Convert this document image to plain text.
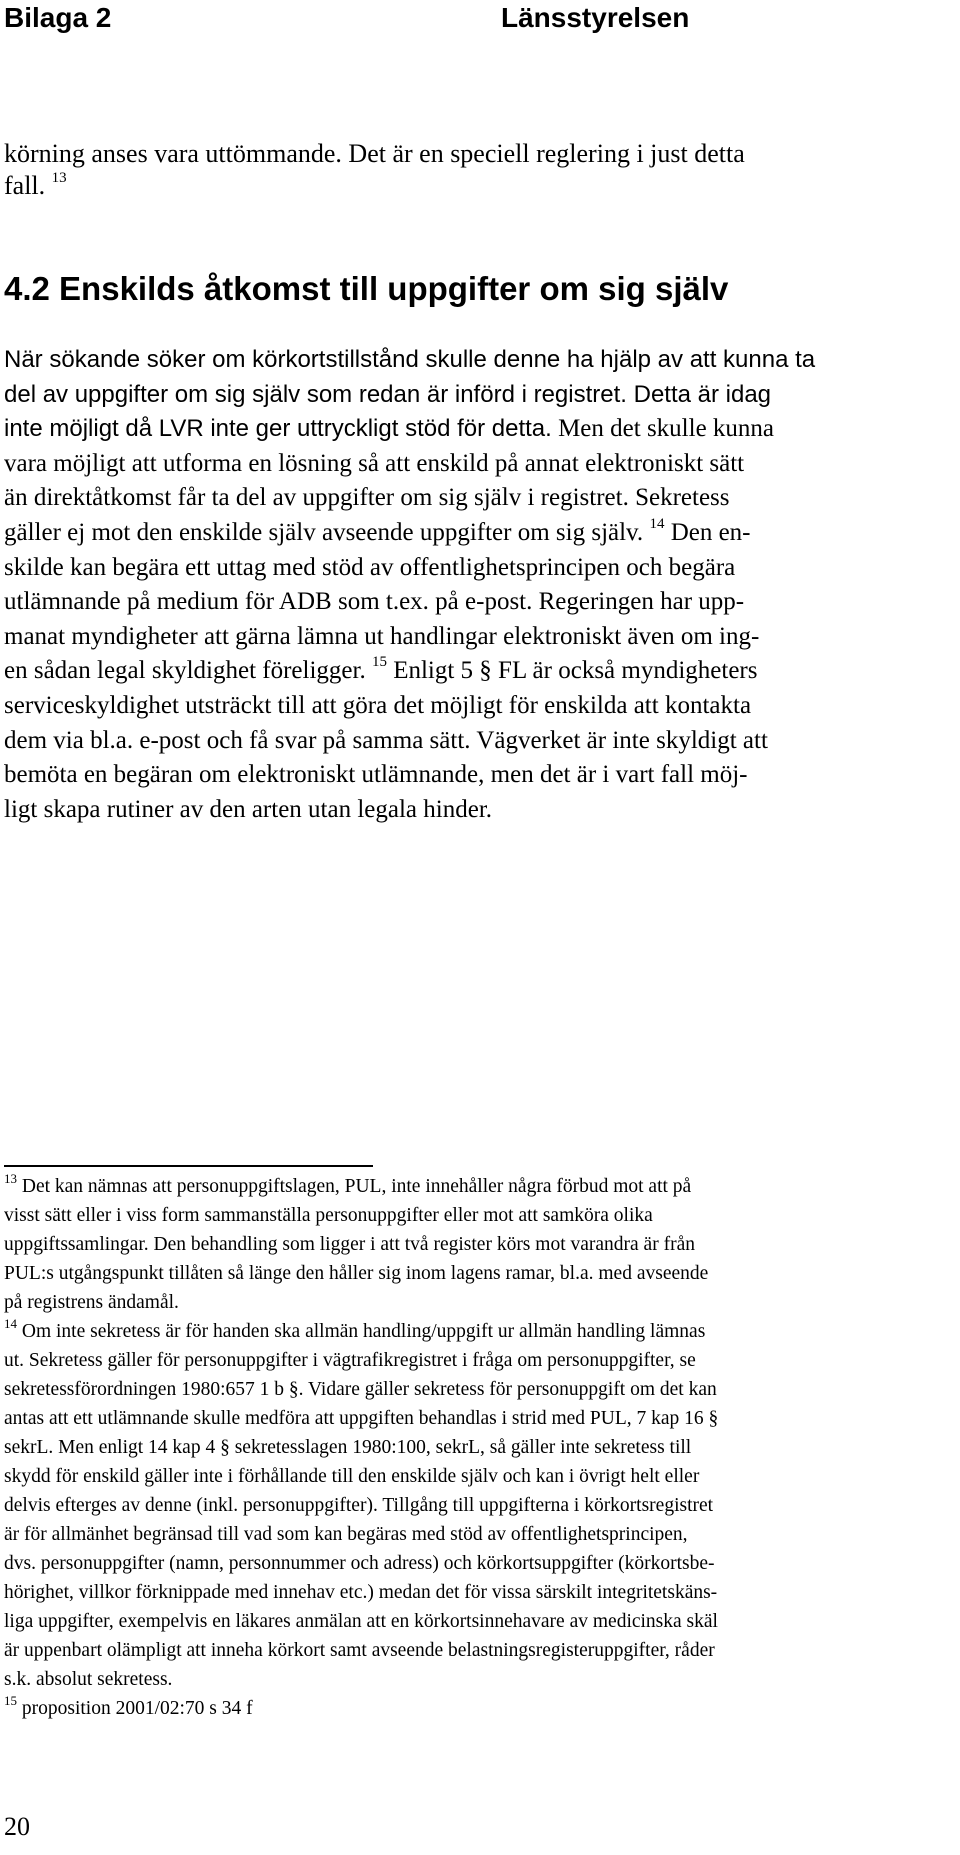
Bilaga 2	Länsstyrelsen
körning anses vara uttömmande. Det är en speciell reglering i just detta
fall. $^{13}$
4.2 Enskilds åtkomst till uppgifter om sig själv
När sökande söker om körkortstillstånd skulle denne ha hjälp av att kunna ta
del av uppgifter om sig själv som redan är införd i registret. Detta är idag
inte möjligt då LVR inte ger uttryckligt stöd för detta. Men det skulle kunna
vara möjligt att utforma en lösning så att enskild på annat elektroniskt sätt
än direktåtkomst får ta del av uppgifter om sig själv i registret. Sekretess
gäller ej mot den enskilde själv avseende uppgifter om sig själv. $^{14}$ Den en-
skilde kan begära ett uttag med stöd av offentlighetsprincipen och begära
utlämnande på medium för ADB som t.ex. på e-post. Regeringen har upp-
manat myndigheter att gärna lämna ut handlingar elektroniskt även om ing-
en sådan legal skyldighet föreligger. $^{15}$ Enligt 5 § FL är också myndigheters
serviceskyldighet utsträckt till att göra det möjligt för enskilda att kontakta
dem via bl.a. e-post och få svar på samma sätt. Vägverket är inte skyldigt att
bemöta en begäran om elektroniskt utlämnande, men det är i vart fall möj-
ligt skapa rutiner av den arten utan legala hinder.
$^{13}$ Det kan nämnas att personuppgiftslagen, PUL, inte innehåller några förbud mot att på
visst sätt eller i viss form sammanställa personuppgifter eller mot att samköra olika
uppgiftssamlingar. Den behandling som ligger i att två register körs mot varandra är från
PUL:s utgångspunkt tillåten så länge den håller sig inom lagens ramar, bl.a. med avseende
på registrens ändamål.
$^{14}$ Om inte sekretess är för handen ska allmän handling/uppgift ur allmän handling lämnas
ut. Sekretess gäller för personuppgifter i vägtrafikregistret i fråga om personuppgifter, se
sekretessförordningen 1980:657 1 b §. Vidare gäller sekretess för personuppgift om det kan
antas att ett utlämnande skulle medföra att uppgiften behandlas i strid med PUL, 7 kap 16 §
sekrL. Men enligt 14 kap 4 § sekretesslagen 1980:100, sekrL, så gäller inte sekretess till
skydd för enskild gäller inte i förhållande till den enskilde själv och kan i övrigt helt eller
delvis efterges av denne (inkl. personuppgifter). Tillgång till uppgifterna i körkortsregistret
är för allmänhet begränsad till vad som kan begäras med stöd av offentlighetsprincipen,
dvs. personuppgifter (namn, personnummer och adress) och körkortsuppgifter (körkortsbe-
hörighet, villkor förknippade med innehav etc.) medan det för vissa särskilt integritetskäns-
liga uppgifter, exempelvis en läkares anmälan att en körkortsinnehavare av medicinska skäl
är uppenbart olämpligt att inneha körkort samt avseende belastningsregisteruppgifter, råder
s.k. absolut sekretess.
$^{15}$ proposition 2001/02:70 s 34 f
20
